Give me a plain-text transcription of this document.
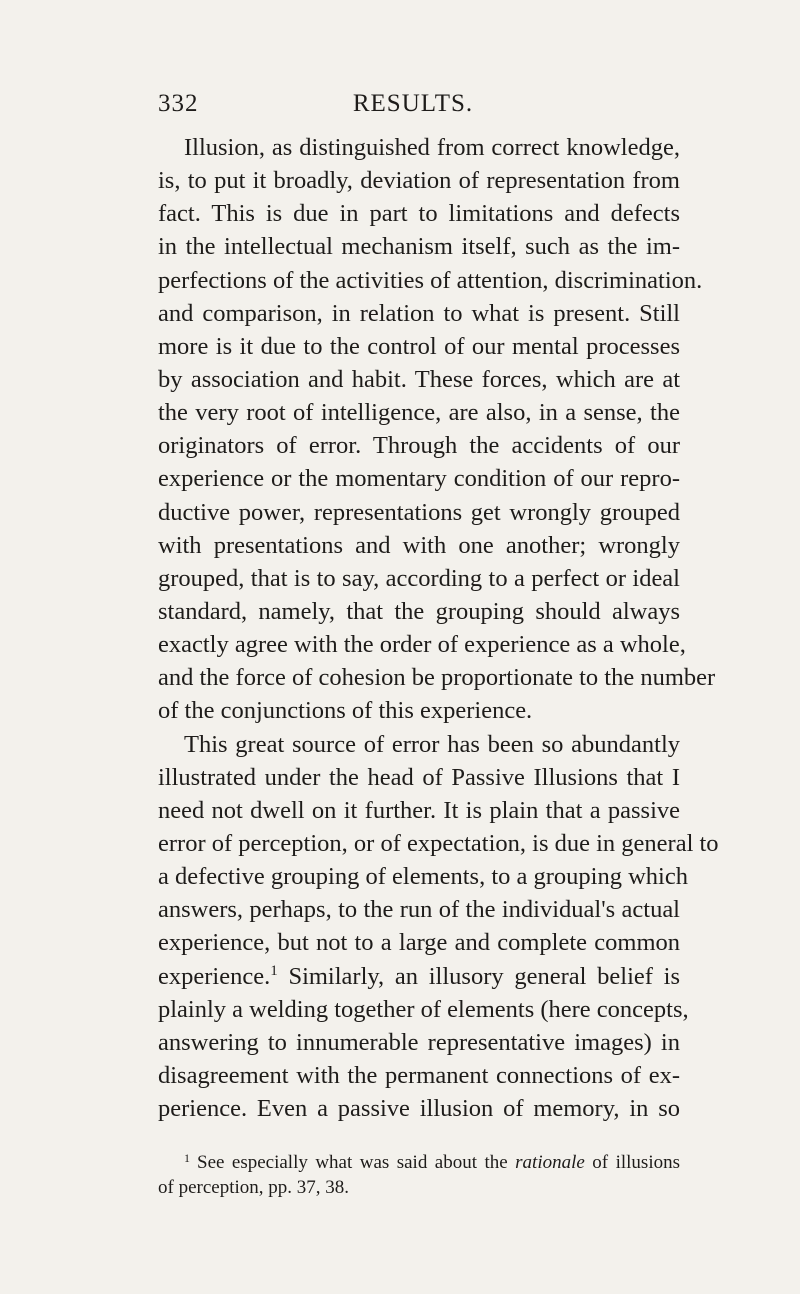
332	RESULTS.
Illusion, as distinguished from correct knowledge,
is, to put it broadly, deviation of representation from
fact. This is due in part to limitations and defects
in the intellectual mechanism itself, such as the im-
perfections of the activities of attention, discrimination.
and comparison, in relation to what is present. Still
more is it due to the control of our mental processes
by association and habit. These forces, which are at
the very root of intelligence, are also, in a sense, the
originators of error. Through the accidents of our
experience or the momentary condition of our repro-
ductive power, representations get wrongly grouped
with presentations and with one another; wrongly
grouped, that is to say, according to a perfect or ideal
standard, namely, that the grouping should always
exactly agree with the order of experience as a whole,
and the force of cohesion be proportionate to the number
of the conjunctions of this experience.
This great source of error has been so abundantly
illustrated under the head of Passive Illusions that I
need not dwell on it further. It is plain that a passive
error of perception, or of expectation, is due in general to
a defective grouping of elements, to a grouping which
answers, perhaps, to the run of the individual's actual
experience, but not to a large and complete common
experience.$^1$ Similarly, an illusory general belief is
plainly a welding together of elements (here concepts,
answering to innumerable representative images) in
disagreement with the permanent connections of ex-
perience. Even a passive illusion of memory, in so
$^1$ See especially what was said about the rationale of illusions
of perception, pp. 37, 38.
